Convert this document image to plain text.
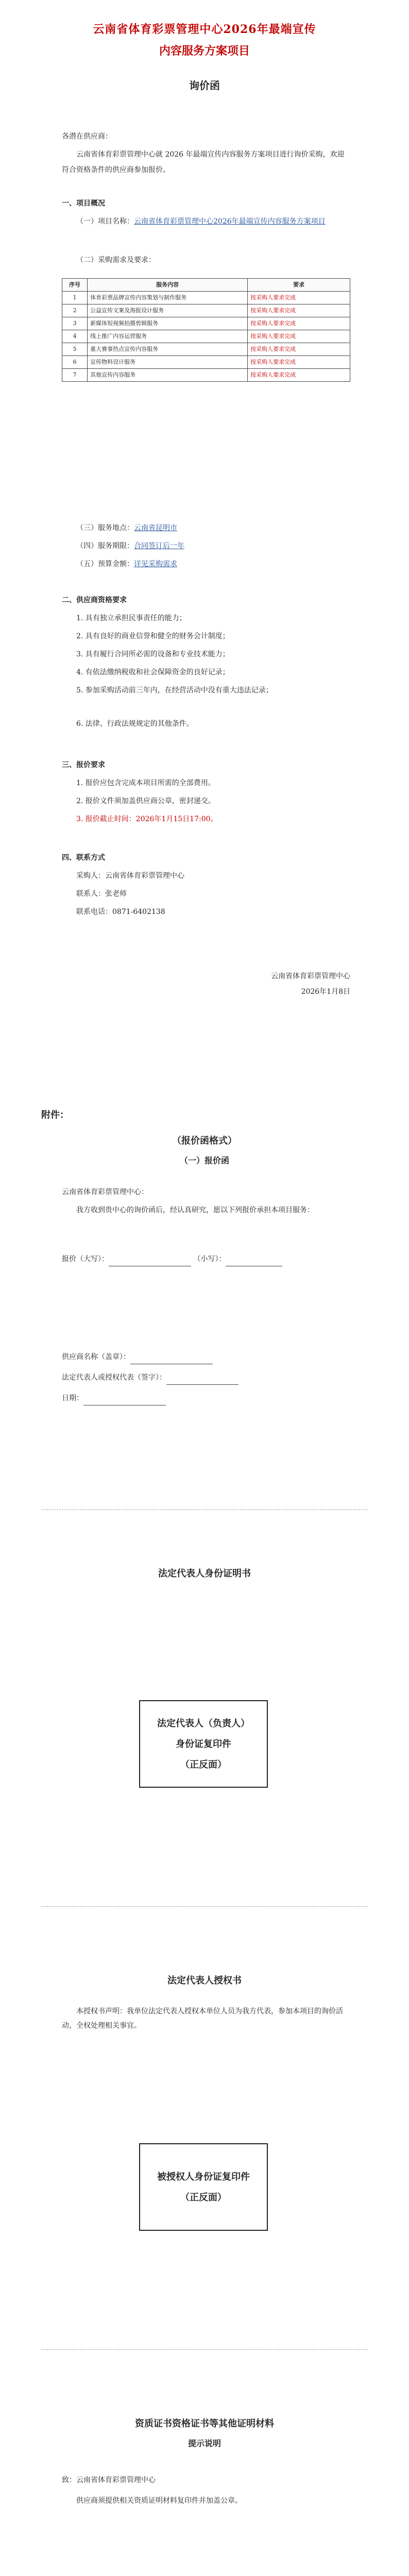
云南省体育彩票管理中心2026年最端宣传
内容服务方案项目
询价函
各潜在供应商：
云南省体育彩票管理中心就 2026 年最端宣传内容服务方案项目进行询价采购，欢迎符合资格条件的供应商参加报价。
一、项目概况
（一）项目名称：云南省体育彩票管理中心2026年最端宣传内容服务方案项目
（二）采购需求及要求：
序号	服务内容	要求
1	体育彩票品牌宣传内容策划与制作服务	按采购人要求完成
2	公益宣传文案及海报设计服务	按采购人要求完成
3	新媒体短视频拍摄剪辑服务	按采购人要求完成
4	线上推广内容运营服务	按采购人要求完成
5	重大赛事热点宣传内容服务	按采购人要求完成
6	宣传物料设计服务	按采购人要求完成
7	其他宣传内容服务	按采购人要求完成
（三）服务地点：云南省昆明市
（四）服务期限：合同签订后一年
（五）预算金额：详见采购需求
二、供应商资格要求
1. 具有独立承担民事责任的能力；
2. 具有良好的商业信誉和健全的财务会计制度；
3. 具有履行合同所必需的设备和专业技术能力；
4. 有依法缴纳税收和社会保障资金的良好记录；
5. 参加采购活动前三年内，在经营活动中没有重大违法记录；
6. 法律、行政法规规定的其他条件。
三、报价要求
1. 报价应包含完成本项目所需的全部费用。
2. 报价文件须加盖供应商公章，密封递交。
3. 报价截止时间：2026年1月15日17:00。
四、联系方式
采购人：云南省体育彩票管理中心
联系人：张老师
联系电话：0871-6402138
云南省体育彩票管理中心
2026年1月8日
附件：
（报价函格式）
（一）报价函
云南省体育彩票管理中心：
我方收到贵中心的询价函后，经认真研究，愿以下列报价承担本项目服务：
报价（大写）：	（小写）：
供应商名称（盖章）：
法定代表人或授权代表（签字）：
日期：
法定代表人身份证明书
法定代表人（负责人）
身份证复印件
（正反面）
法定代表人授权书
本授权书声明：我单位法定代表人授权本单位人员为我方代表，参加本项目的询价活动，全权处理相关事宜。
被授权人身份证复印件
（正反面）
资质证书资格证书等其他证明材料
提示说明
致：云南省体育彩票管理中心
供应商须提供相关资质证明材料复印件并加盖公章。
